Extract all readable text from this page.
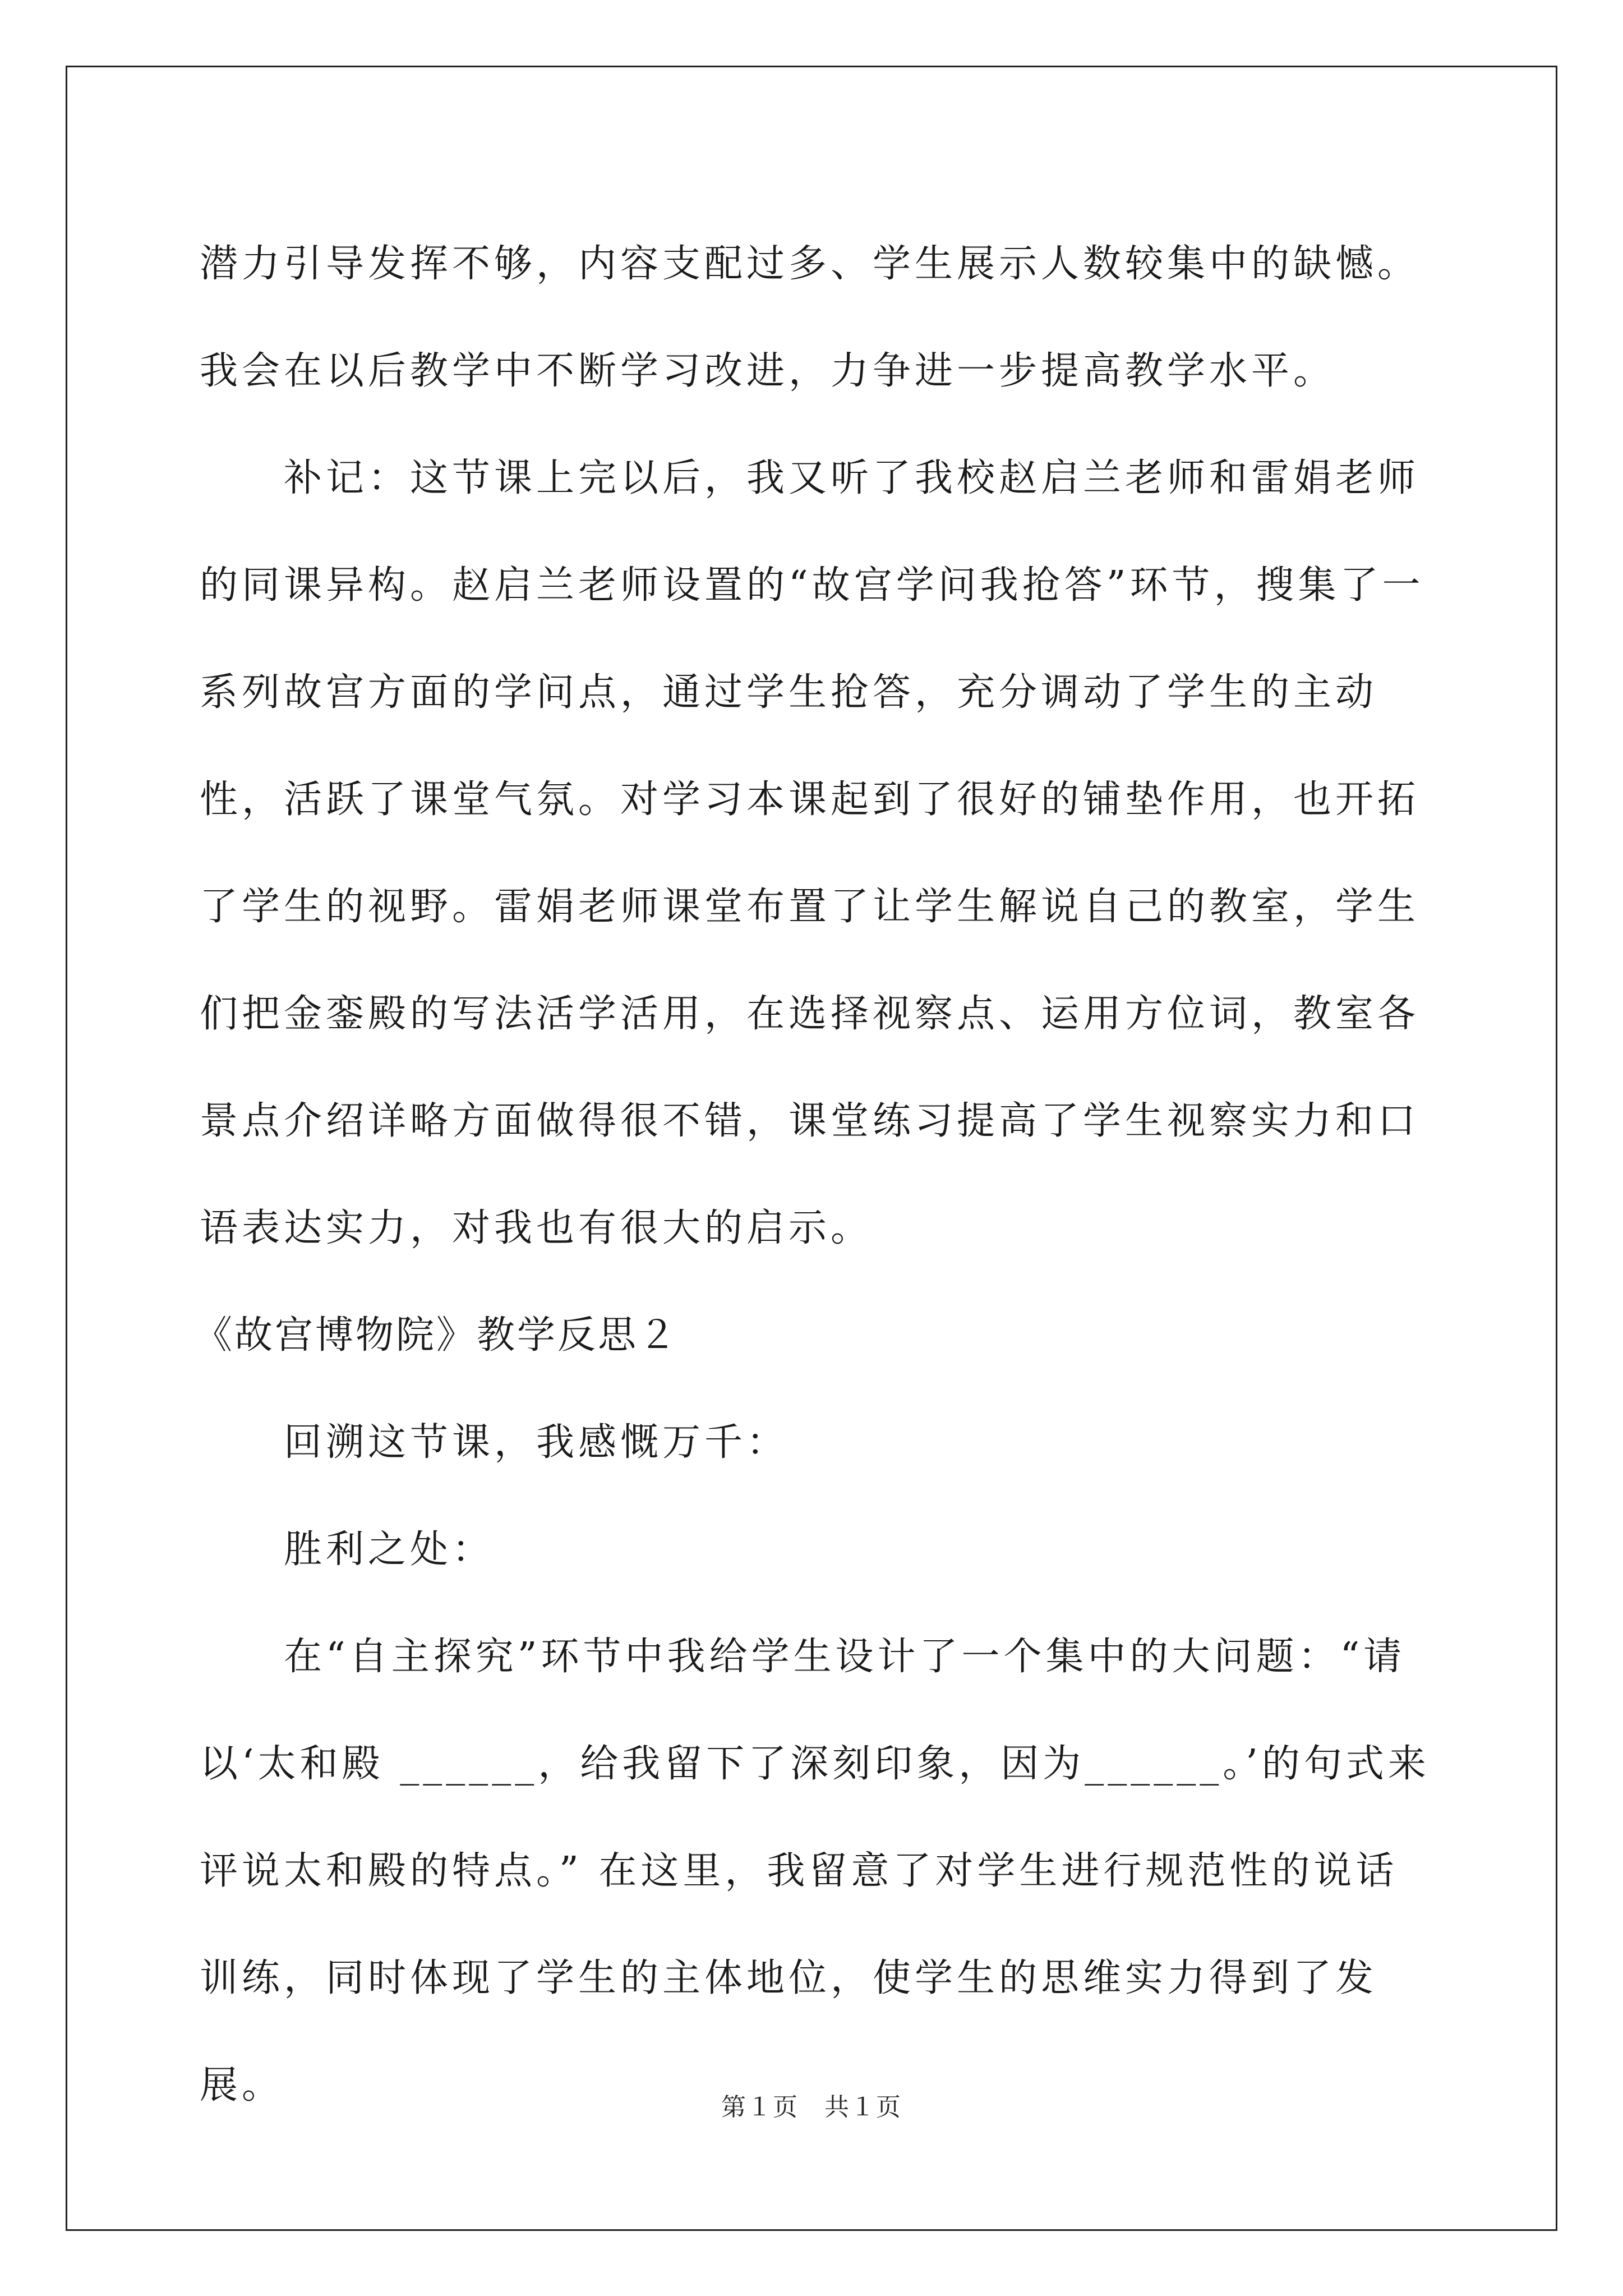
潜力引导发挥不够，内容支配过多、学生展示人数较集中的缺憾。我会在以后教学中不断学习改进，力争进一步提高教学水平。

补记：这节课上完以后，我又听了我校赵启兰老师和雷娟老师的同课异构。赵启兰老师设置的“故宫学问我抢答”环节，搜集了一系列故宫方面的学问点，通过学生抢答，充分调动了学生的主动性，活跃了课堂气氛。对学习本课起到了很好的铺垫作用，也开拓了学生的视野。雷娟老师课堂布置了让学生解说自己的教室，学生们把金銮殿的写法活学活用，在选择视察点、运用方位词，教室各景点介绍详略方面做得很不错，课堂练习提高了学生视察实力和口语表达实力，对我也有很大的启示。

《故宫博物院》教学反思２

回溯这节课，我感慨万千：

胜利之处：

在“自主探究”环节中我给学生设计了一个集中的大问题：“请以‘太和殿 ______，给我留下了深刻印象，因为______。’的句式来评说太和殿的特点。” 在这里，我留意了对学生进行规范性的说话训练，同时体现了学生的主体地位，使学生的思维实力得到了发展。	第１页　共１页
